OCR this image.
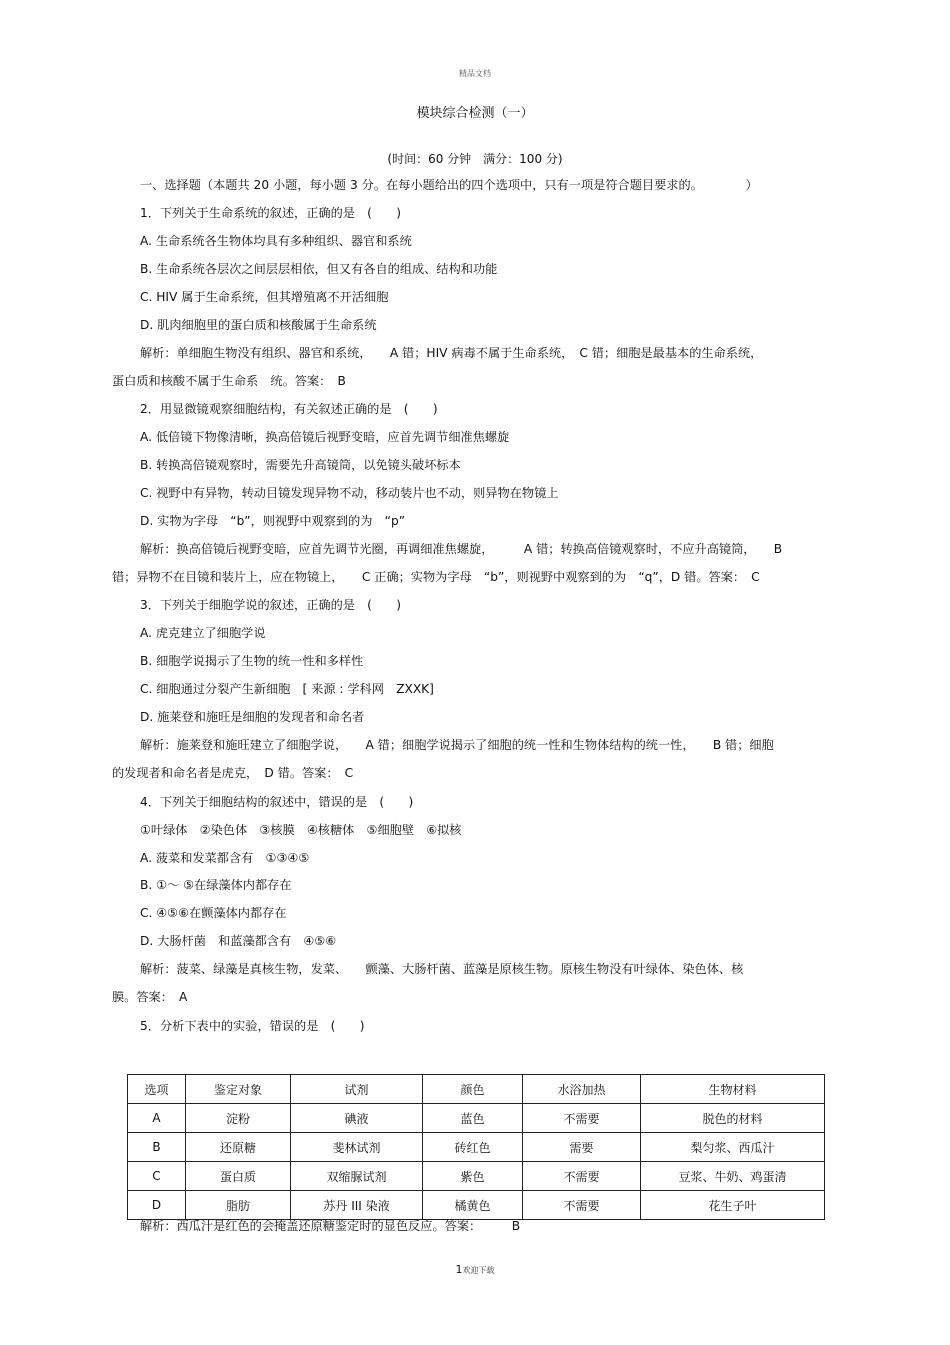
精品文档
模块综合检测（一）
(时间：60 分钟　满分：100 分)
一、选择题（本题共 20 小题，每小题 3 分。在每小题给出的四个选项中，只有一项是符合题目要求的。　　　　）
1．下列关于生命系统的叙述，正确的是　(　　)
A. 生命系统各生物体均具有多种组织、器官和系统
B. 生命系统各层次之间层层相依，但又有各自的组成、结构和功能
C. HIV 属于生命系统，但其增殖离不开活细胞
D. 肌肉细胞里的蛋白质和核酸属于生命系统
解析：单细胞生物没有组织、器官和系统，　　A 错；HIV 病毒不属于生命系统，　C 错；细胞是最基本的生命系统，
蛋白质和核酸不属于生命系　统。答案：　B
2．用显微镜观察细胞结构，有关叙述正确的是　(　　)
A. 低倍镜下物像清晰，换高倍镜后视野变暗，应首先调节细准焦螺旋
B. 转换高倍镜观察时，需要先升高镜筒，以免镜头破坏标本
C. 视野中有异物，转动目镜发现异物不动，移动装片也不动，则异物在物镜上
D. 实物为字母　“b”，则视野中观察到的为　“p”
解析：换高倍镜后视野变暗，应首先调节光圈，再调细准焦螺旋，　　　A 错；转换高倍镜观察时，不应升高镜筒，　　B
错；异物不在目镜和装片上，应在物镜上，　　C 正确；实物为字母　“b”，则视野中观察到的为　“q”，D 错。答案：　C
3．下列关于细胞学说的叙述，正确的是　(　　)
A. 虎克建立了细胞学说
B. 细胞学说揭示了生物的统一性和多样性
C. 细胞通过分裂产生新细胞　[ 来源 : 学科网　ZXXK]
D. 施莱登和施旺是细胞的发现者和命名者
解析：施莱登和施旺建立了细胞学说，　　A 错；细胞学说揭示了细胞的统一性和生物体结构的统一性，　　B 错；细胞
的发现者和命名者是虎克，　D 错。答案：　C
4．下列关于细胞结构的叙述中，错误的是　(　　)
①叶绿体　②染色体　③核膜　④核糖体　⑤细胞壁　⑥拟核
A. 菠菜和发菜都含有　①③④⑤
B. ①～ ⑤在绿藻体内都存在
C. ④⑤⑥在颤藻体内都存在
D. 大肠杆菌　和蓝藻都含有　④⑤⑥
解析：菠菜、绿藻是真核生物，发菜、　　颤藻、大肠杆菌、蓝藻是原核生物。原核生物没有叶绿体、染色体、核
膜。答案：　A
5．分析下表中的实验，错误的是　(　　)
选项	鉴定对象	试剂	颜色	水浴加热	生物材料
A	淀粉	碘液	蓝色	不需要	脱色的材料
B	还原糖	斐林试剂	砖红色	需要	梨匀浆、西瓜汁
C	蛋白质	双缩脲试剂	紫色	不需要	豆浆、牛奶、鸡蛋清
D	脂肪	苏丹 III 染液	橘黄色	不需要	花生子叶
解析：西瓜汁是红色的会掩盖还原糖鉴定时的显色反应。答案：　　　B
1欢迎下载
